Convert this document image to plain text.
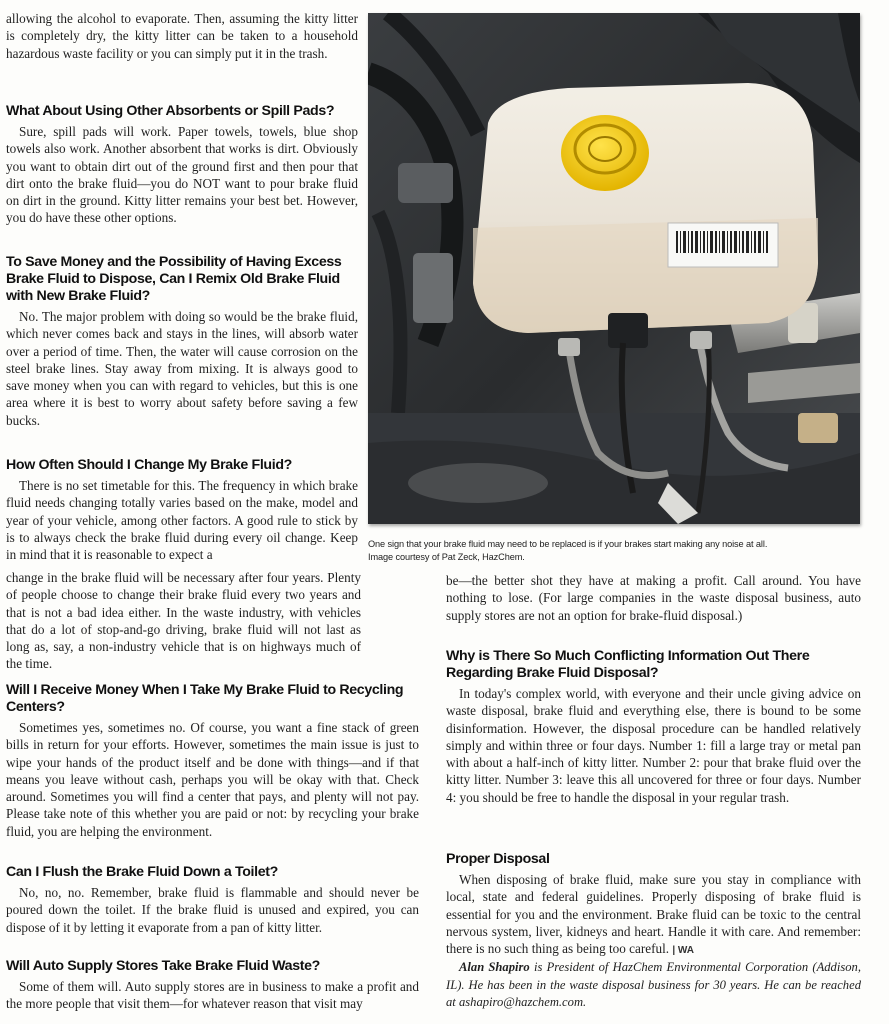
allowing the alcohol to evaporate. Then, assuming the kitty litter is completely dry, the kitty litter can be taken to a household hazardous waste facility or you can simply put it in the trash.

What About Using Other Absorbents or Spill Pads?

Sure, spill pads will work. Paper towels, towels, blue shop towels also work. Another absorbent that works is dirt. Obviously you want to obtain dirt out of the ground first and then pour that dirt onto the brake fluid—you do NOT want to pour brake fluid on dirt in the ground. Kitty litter remains your best bet. However, you do have these other options.

To Save Money and the Possibility of Having Excess Brake Fluid to Dispose, Can I Remix Old Brake Fluid with New Brake Fluid?

No. The major problem with doing so would be the brake fluid, which never comes back and stays in the lines, will absorb water over a period of time. Then, the water will cause corrosion on the steel brake lines. Stay away from mixing. It is always good to save money when you can with regard to vehicles, but this is one area where it is best to worry about safety before saving a few bucks.

How Often Should I Change My Brake Fluid?

There is no set timetable for this. The frequency in which brake fluid needs changing totally varies based on the make, model and year of your vehicle, among other factors. A good rule to stick by is to always check the brake fluid during every oil change. Keep in mind that it is reasonable to expect a

One sign that your brake fluid may need to be replaced is if your brakes start making any noise at all.
Image courtesy of Pat Zeck, HazChem.

change in the brake fluid will be necessary after four years. Plenty of people choose to change their brake fluid every two years and that is not a bad idea either. In the waste industry, with vehicles that do a lot of stop-and-go driving, brake fluid will not last as long as, say, a non-industry vehicle that is on highways much of the time.

Will I Receive Money When I Take My Brake Fluid to Recycling Centers?

Sometimes yes, sometimes no. Of course, you want a fine stack of green bills in return for your efforts. However, sometimes the main issue is just to wipe your hands of the product itself and be done with things—and if that means you leave without cash, perhaps you will be okay with that. Check around. Sometimes you will find a center that pays, and plenty will not pay. Please take note of this whether you are paid or not: by recycling your brake fluid, you are helping the environment.

Can I Flush the Brake Fluid Down a Toilet?

No, no, no. Remember, brake fluid is flammable and should never be poured down the toilet. If the brake fluid is unused and expired, you can dispose of it by letting it evaporate from a pan of kitty litter.

Will Auto Supply Stores Take Brake Fluid Waste?

Some of them will. Auto supply stores are in business to make a profit and the more people that visit them—for whatever reason that visit may

be—the better shot they have at making a profit. Call around. You have nothing to lose. (For large companies in the waste disposal business, auto supply stores are not an option for brake-fluid disposal.)

Why is There So Much Conflicting Information Out There Regarding Brake Fluid Disposal?

In today's complex world, with everyone and their uncle giving advice on waste disposal, brake fluid and everything else, there is bound to be some disinformation. However, the disposal procedure can be handled relatively simply and within three or four days. Number 1: fill a large tray or metal pan with about a half-inch of kitty litter. Number 2: pour that brake fluid over the kitty litter. Number 3: leave this all uncovered for three or four days. Number 4: you should be free to handle the disposal in your regular trash.

Proper Disposal

When disposing of brake fluid, make sure you stay in compliance with local, state and federal guidelines. Properly disposing of brake fluid is essential for you and the environment. Brake fluid can be toxic to the central nervous system, liver, kidneys and heart. Handle it with care. And remember: there is no such thing as being too careful. | WA

Alan Shapiro is President of HazChem Environmental Corporation (Addison, IL). He has been in the waste disposal business for 30 years. He can be reached at ashapiro@hazchem.com.
